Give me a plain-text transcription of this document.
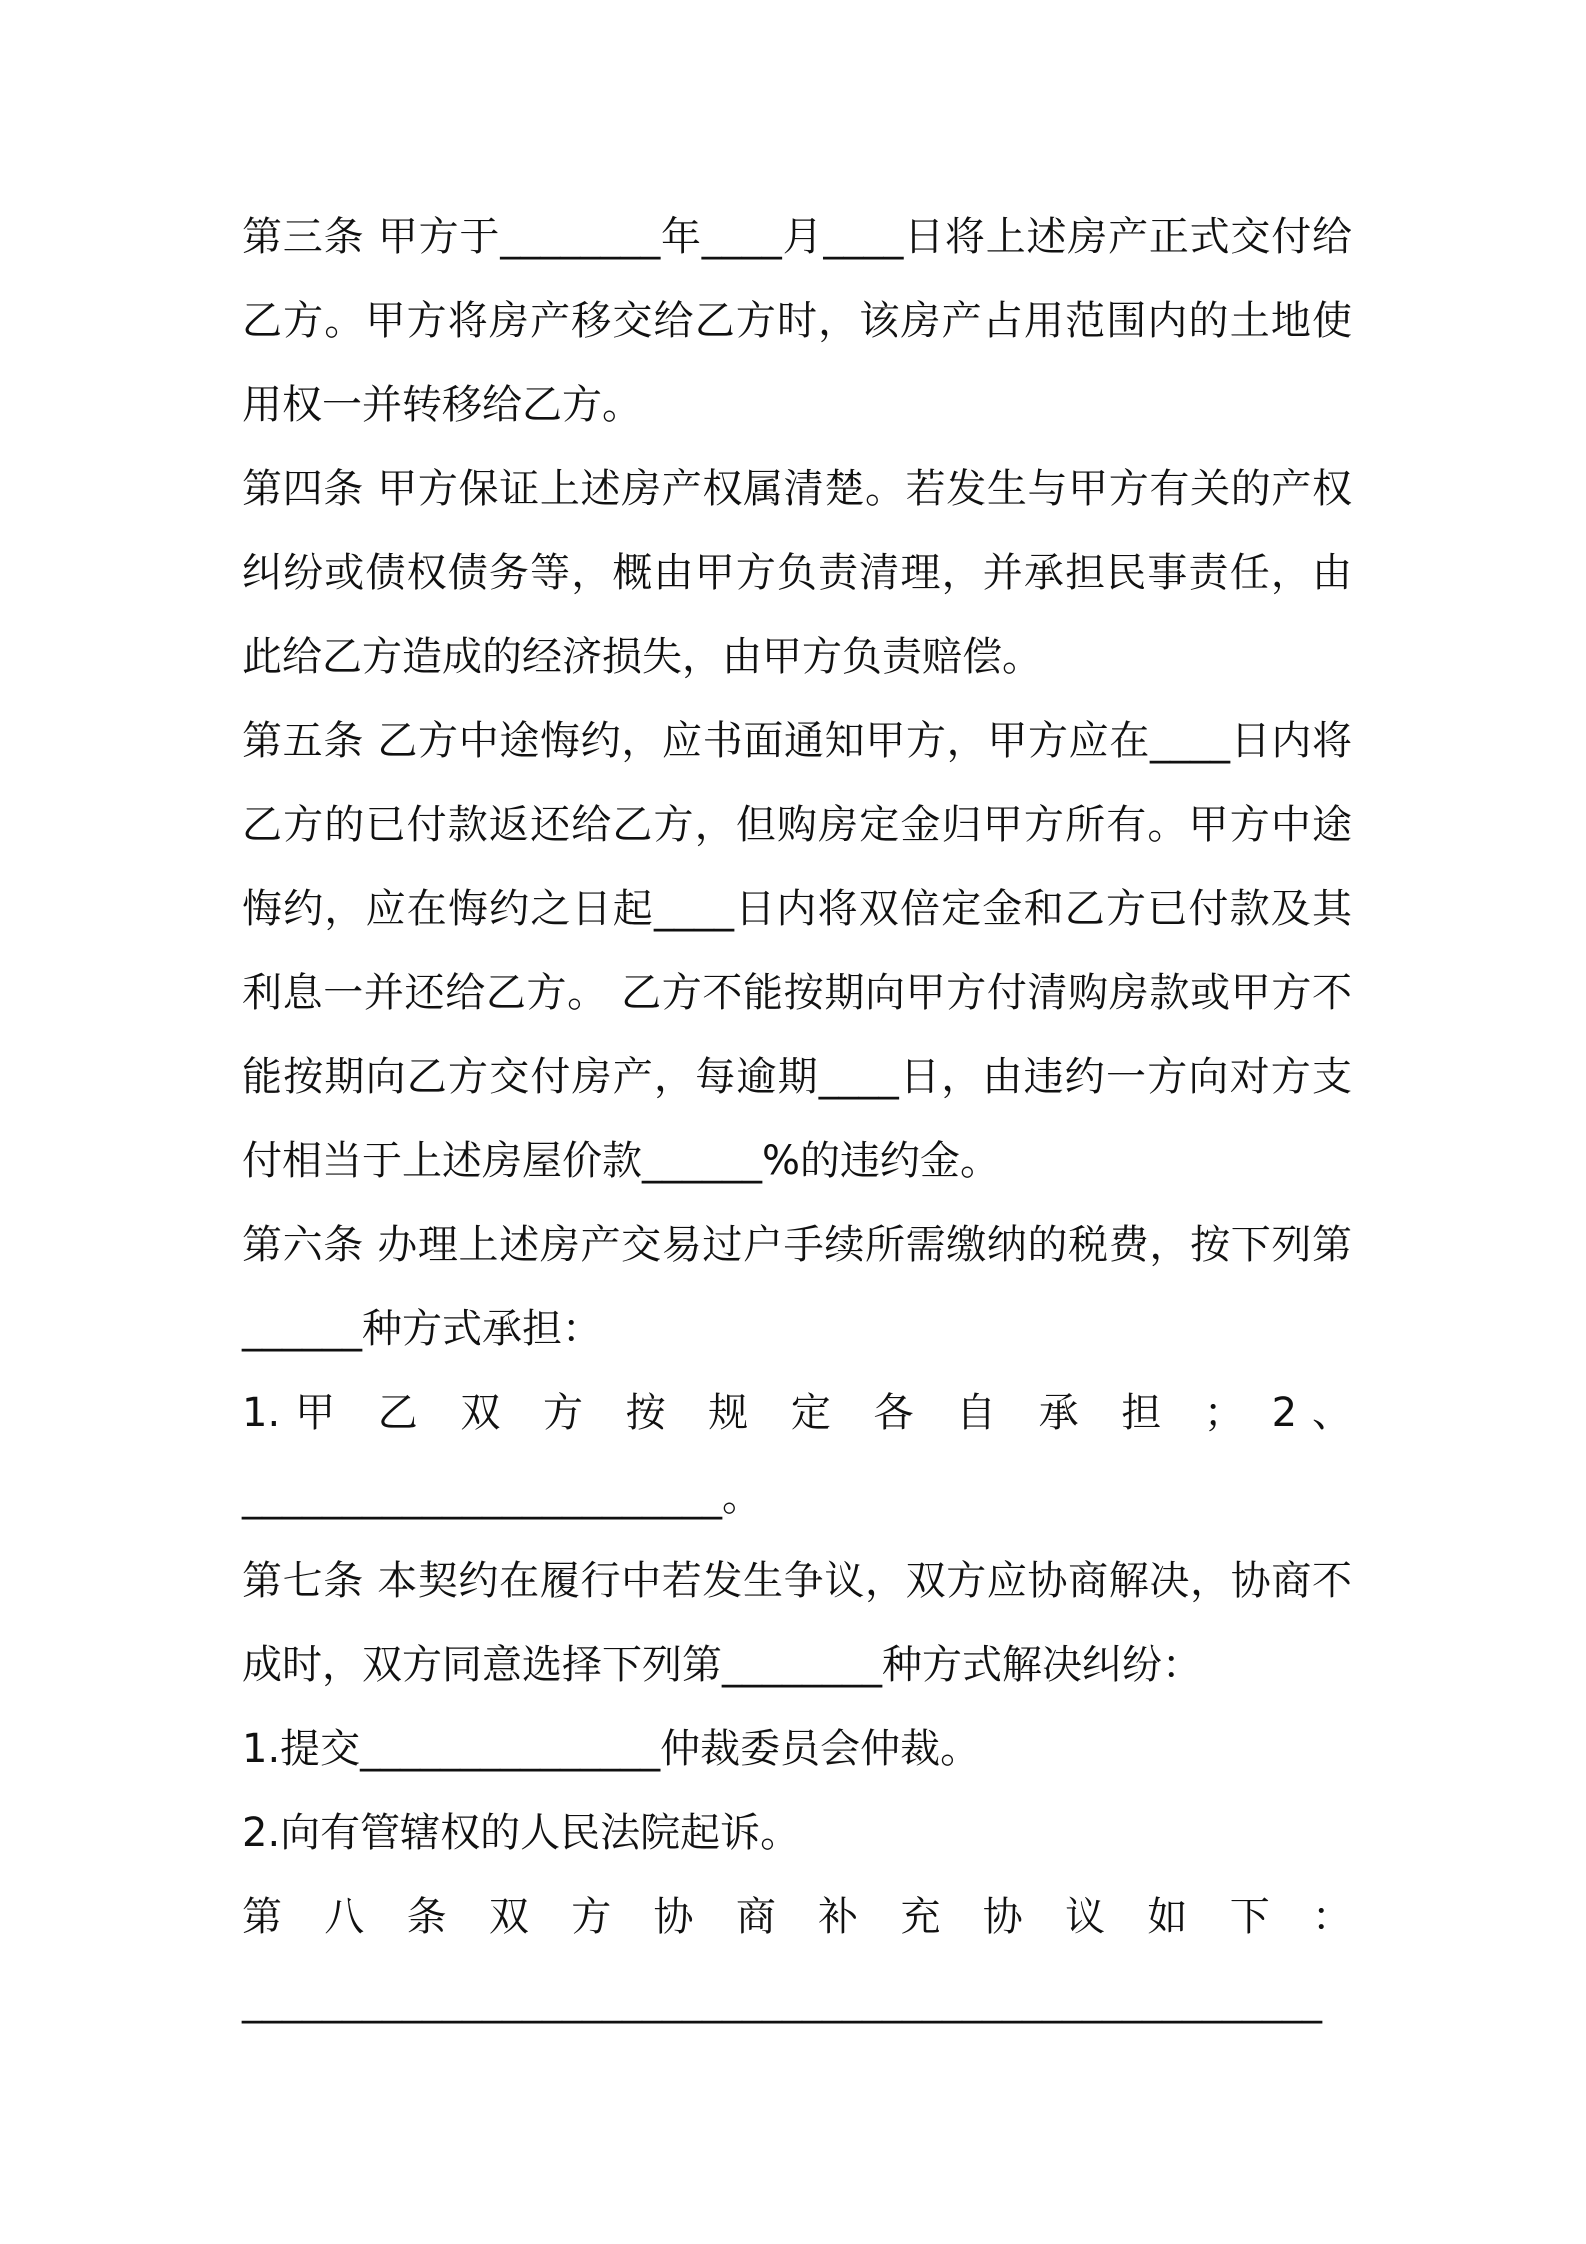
第三条 甲方于________年____月____日将上述房产正式交付给乙方。甲方将房产移交给乙方时，该房产占用范围内的土地使用权一并转移给乙方。

第四条 甲方保证上述房产权属清楚。若发生与甲方有关的产权纠纷或债权债务等，概由甲方负责清理，并承担民事责任，由此给乙方造成的经济损失，由甲方负责赔偿。

第五条 乙方中途悔约，应书面通知甲方，甲方应在____日内将乙方的已付款返还给乙方，但购房定金归甲方所有。甲方中途悔约，应在悔约之日起____日内将双倍定金和乙方已付款及其利息一并还给乙方。 乙方不能按期向甲方付清购房款或甲方不能按期向乙方交付房产，每逾期____日，由违约一方向对方支付相当于上述房屋价款______%的违约金。

第六条 办理上述房产交易过户手续所需缴纳的税费，按下列第______种方式承担：

1.甲 乙 双 方 按 规 定 各 自 承 担 ； 2、

________________________。

第七条 本契约在履行中若发生争议，双方应协商解决，协商不成时，双方同意选择下列第________种方式解决纠纷：

1.提交_______________仲裁委员会仲裁。

2.向有管辖权的人民法院起诉。

第 八 条 双 方 协 商 补 充 协 议 如 下 ：

______________________________________________________
